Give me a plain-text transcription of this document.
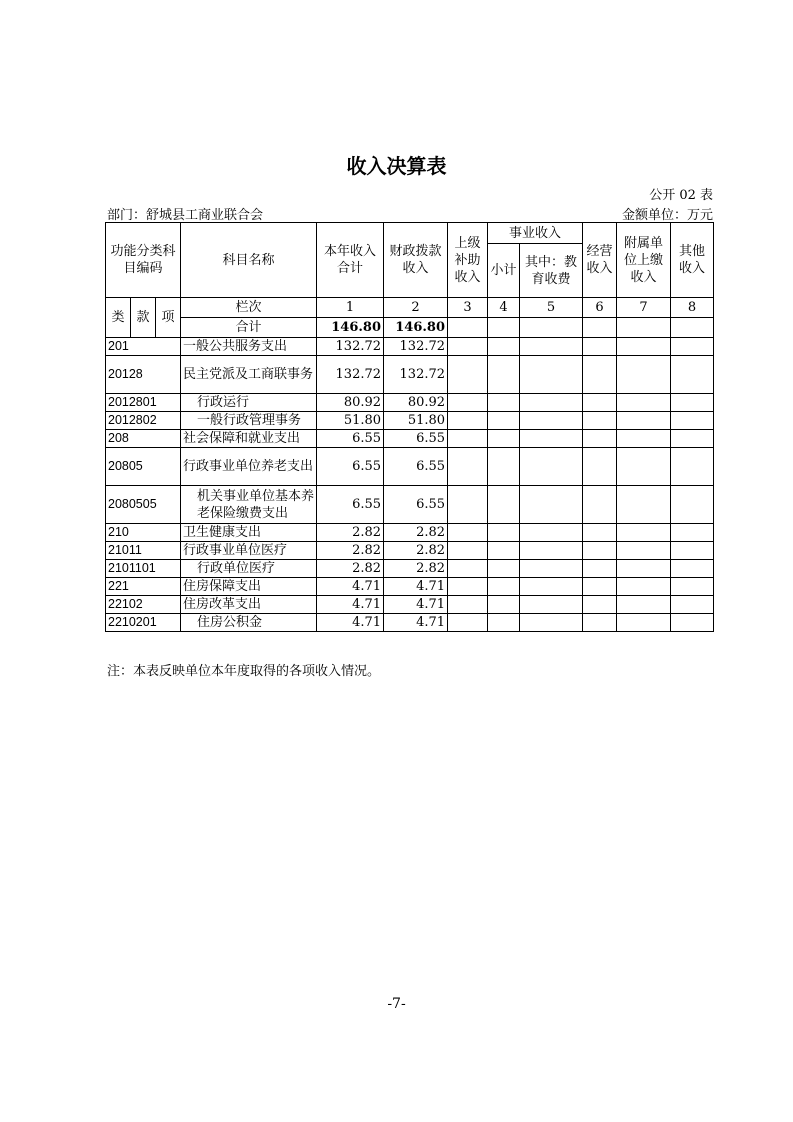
收入决算表
公开 02 表
部门：舒城县工商业联合会	金额单位：万元
功能分类科目编码			科目名称	本年收入合计	财政拨款收入	上级补助收入	事业收入		经营收入	附属单位上缴收入	其他收入
							小计	其中：教育收费			
类	款	项	栏次	1	2	3	4	5	6	7	8
			合计	146.80	146.80						
201			一般公共服务支出	132.72	132.72						
20128			民主党派及工商联事务	132.72	132.72						
2012801			行政运行	80.92	80.92						
2012802			一般行政管理事务	51.80	51.80						
208			社会保障和就业支出	6.55	6.55						
20805			行政事业单位养老支出	6.55	6.55						
2080505			机关事业单位基本养老保险缴费支出	6.55	6.55						
210			卫生健康支出	2.82	2.82						
21011			行政事业单位医疗	2.82	2.82						
2101101			行政单位医疗	2.82	2.82						
221			住房保障支出	4.71	4.71						
22102			住房改革支出	4.71	4.71						
2210201			住房公积金	4.71	4.71						
注：本表反映单位本年度取得的各项收入情况。
-7-
